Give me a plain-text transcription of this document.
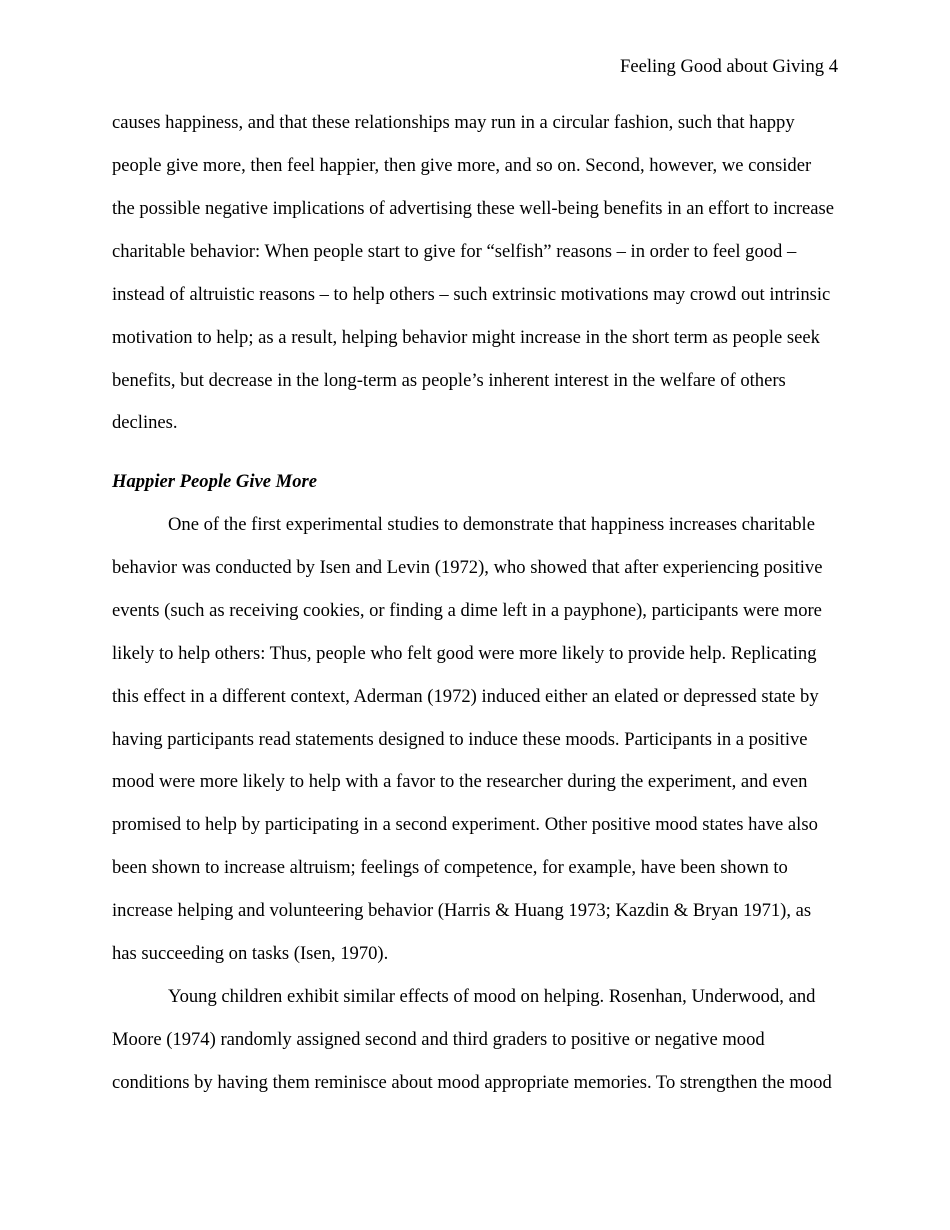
Feeling Good about Giving 4
causes happiness, and that these relationships may run in a circular fashion, such that happy
people give more, then feel happier, then give more, and so on. Second, however, we consider
the possible negative implications of advertising these well-being benefits in an effort to increase
charitable behavior: When people start to give for “selfish” reasons – in order to feel good –
instead of altruistic reasons – to help others – such extrinsic motivations may crowd out intrinsic
motivation to help; as a result, helping behavior might increase in the short term as people seek
benefits, but decrease in the long-term as people’s inherent interest in the welfare of others
declines.
Happier People Give More
One of the first experimental studies to demonstrate that happiness increases charitable
behavior was conducted by Isen and Levin (1972), who showed that after experiencing positive
events (such as receiving cookies, or finding a dime left in a payphone), participants were more
likely to help others: Thus, people who felt good were more likely to provide help. Replicating
this effect in a different context, Aderman (1972) induced either an elated or depressed state by
having participants read statements designed to induce these moods. Participants in a positive
mood were more likely to help with a favor to the researcher during the experiment, and even
promised to help by participating in a second experiment. Other positive mood states have also
been shown to increase altruism; feelings of competence, for example, have been shown to
increase helping and volunteering behavior (Harris & Huang 1973; Kazdin & Bryan 1971), as
has succeeding on tasks (Isen, 1970).
Young children exhibit similar effects of mood on helping. Rosenhan, Underwood, and
Moore (1974) randomly assigned second and third graders to positive or negative mood
conditions by having them reminisce about mood appropriate memories. To strengthen the mood
